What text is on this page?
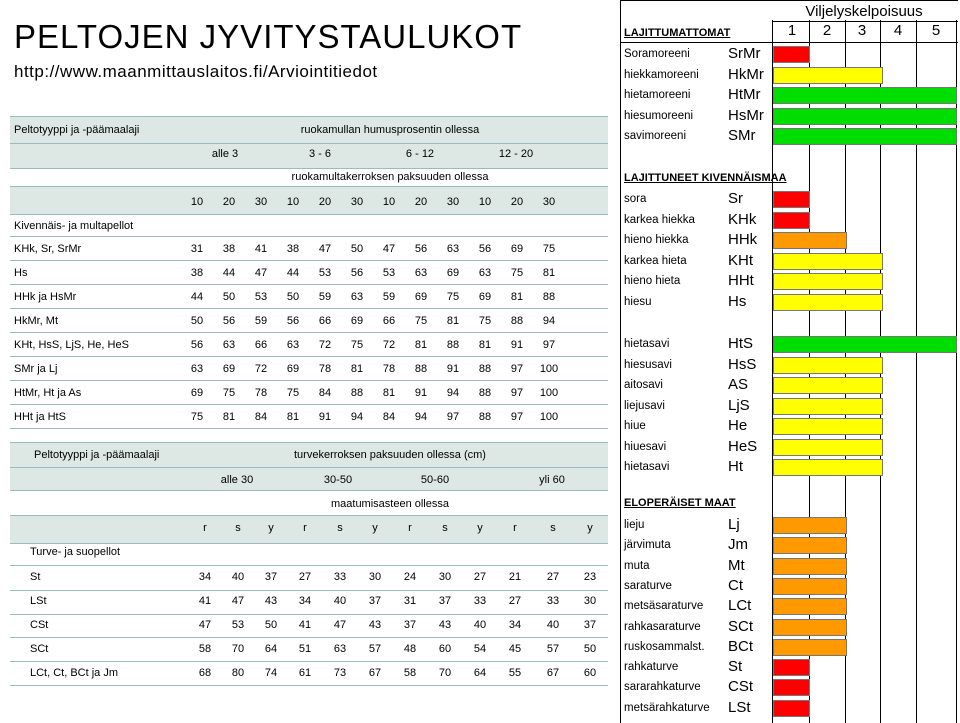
PELTOJEN JYVITYSTAULUKOT
http://www.maanmittauslaitos.fi/Arviointitiedot
Peltotyyppi ja -päämaalaji	ruokamullan humusprosentin ollessa
alle 3	3 - 6	6 - 12	12 - 20
ruokamultakerroksen paksuuden ollessa
10	20	30	10	20	30	10	20	30	10	20	30
Kivennäis- ja multapellot
KHk, Sr, SrMr	31	38	41	38	47	50	47	56	63	56	69	75
Hs	38	44	47	44	53	56	53	63	69	63	75	81
HHk ja HsMr	44	50	53	50	59	63	59	69	75	69	81	88
HkMr, Mt	50	56	59	56	66	69	66	75	81	75	88	94
KHt, HsS, LjS, He, HeS	56	63	66	63	72	75	72	81	88	81	91	97
SMr ja Lj	63	69	72	69	78	81	78	88	91	88	97	100
HtMr, Ht ja As	69	75	78	75	84	88	81	91	94	88	97	100
HHt ja HtS	75	81	84	81	91	94	84	94	97	88	97	100
Peltotyyppi ja -päämaalaji	turvekerroksen paksuuden ollessa (cm)
alle 30	30-50	50-60	yli 60
maatumisasteen ollessa
r	s	y	r	s	y	r	s	y	r	s	y
Turve- ja suopellot
St	34	40	37	27	33	30	24	30	27	21	27	23
LSt	41	47	43	34	40	37	31	37	33	27	33	30
CSt	47	53	50	41	47	43	37	43	40	34	40	37
SCt	58	70	64	51	63	57	48	60	54	45	57	50
LCt, Ct, BCt ja Jm	68	80	74	61	73	67	58	70	64	55	67	60
Viljelyskelpoisuus
1	2	3	4	5
LAJITTUMATTOMAT
Soramoreeni	SrMr
hiekkamoreeni HkMr
hietamoreeni	HtMr
hiesumoreeni HsMr
savimoreeni	SMr
LAJITTUNEET KIVENNÄISMAA
sora	Sr
karkea hiekka KHk
hieno hiekka	HHk
karkea hieta	KHt
hieno hieta	HHt
hiesu	Hs
hietasavi	HtS
hiesusavi	HsS
aitosavi	AS
liejusavi	LjS
hiue	He
hiuesavi	HeS
hietasavi	Ht
ELOPERÄISET MAAT
lieju	Lj
järvimuta	Jm
muta	Mt
saraturve	Ct
metsäsaraturve LCt
rahkasaraturve SCt
ruskosammalst. BCt
rahkaturve	St
sararahkaturve CSt
metsärahkaturve LSt
